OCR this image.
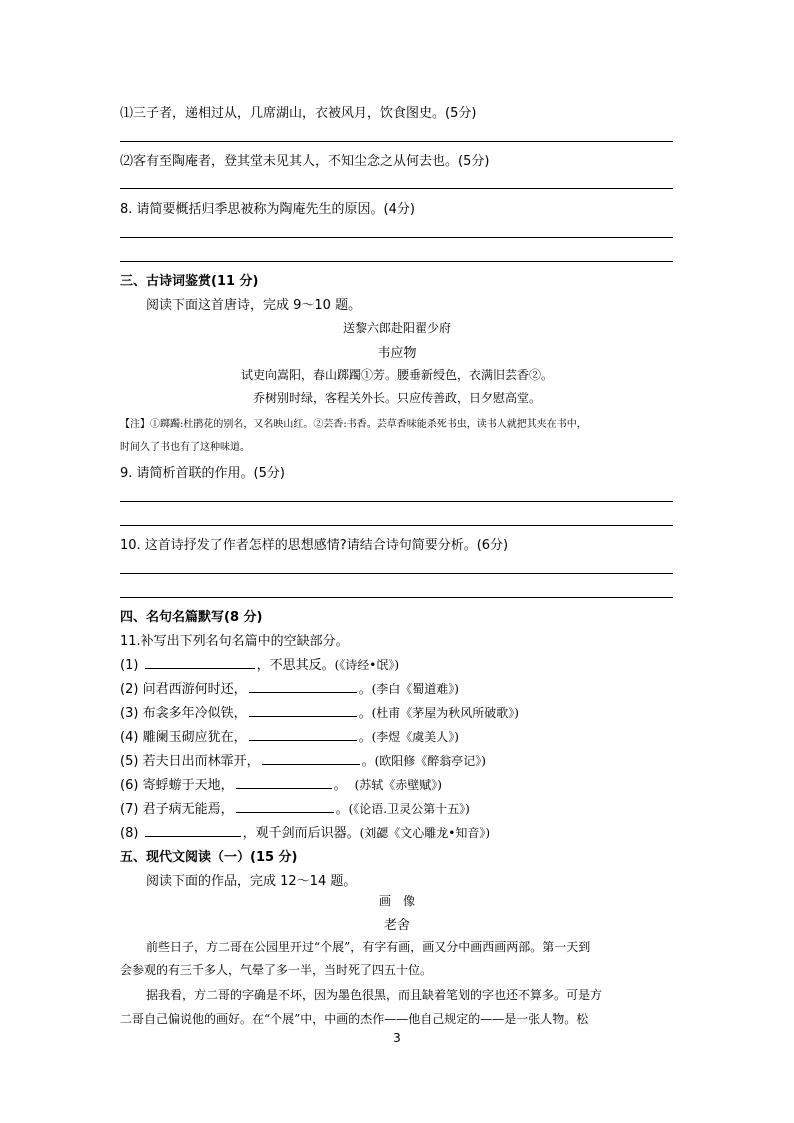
⑴三子者，递相过从，几席湖山，衣被风月，饮食图史。(5分)
⑵客有至陶庵者，登其堂未见其人，不知尘念之从何去也。(5分)
8. 请简要概括归季思被称为陶庵先生的原因。(4分)
三、古诗词鉴赏(11 分)
阅读下面这首唐诗，完成 9～10 题。
送黎六郎赴阳翟少府
韦应物
试吏向嵩阳，春山踯躅①芳。腰垂新绶色，衣满旧芸香②。
乔树别时绿，客程关外长。只应传善政，日夕慰高堂。
【注】①踯躅:杜鹃花的别名，又名映山红。②芸香:书香。芸草香味能杀死书虫，读书人就把其夹在书中，
时间久了书也有了这种味道。
9. 请简析首联的作用。(5分)
10. 这首诗抒发了作者怎样的思想感情?请结合诗句简要分析。(6分)
四、名句名篇默写(8 分)
11.补写出下列名句名篇中的空缺部分。
(1)	，不思其反。(《诗经•氓》)
(2) 问君西游何时还，	。(李白《蜀道难》)
(3) 布衾多年冷似铁，	。(杜甫《茅屋为秋风所破歌》)
(4) 雕阑玉砌应犹在，	。(李煜《虞美人》)
(5) 若夫日出而林霏开，	。(欧阳修《醉翁亭记》)
(6) 寄蜉蝣于天地，	。 (苏轼《赤壁赋》)
(7) 君子病无能焉，	。(《论语.卫灵公第十五》)
(8)	，观千剑而后识器。(刘勰《文心雕龙•知音》)
五、现代文阅读（一）(15 分)
阅读下面的作品，完成 12～14 题。
画　像
老舍
前些日子，方二哥在公园里开过“个展”，有字有画，画又分中画西画两部。第一天到
会参观的有三千多人，气晕了多一半，当时死了四五十位。
据我看，方二哥的字确是不坏，因为墨色很黑，而且缺着笔划的字也还不算多。可是方
二哥自己偏说他的画好。在“个展”中，中画的杰作——他自己规定的——是一张人物。松
3
